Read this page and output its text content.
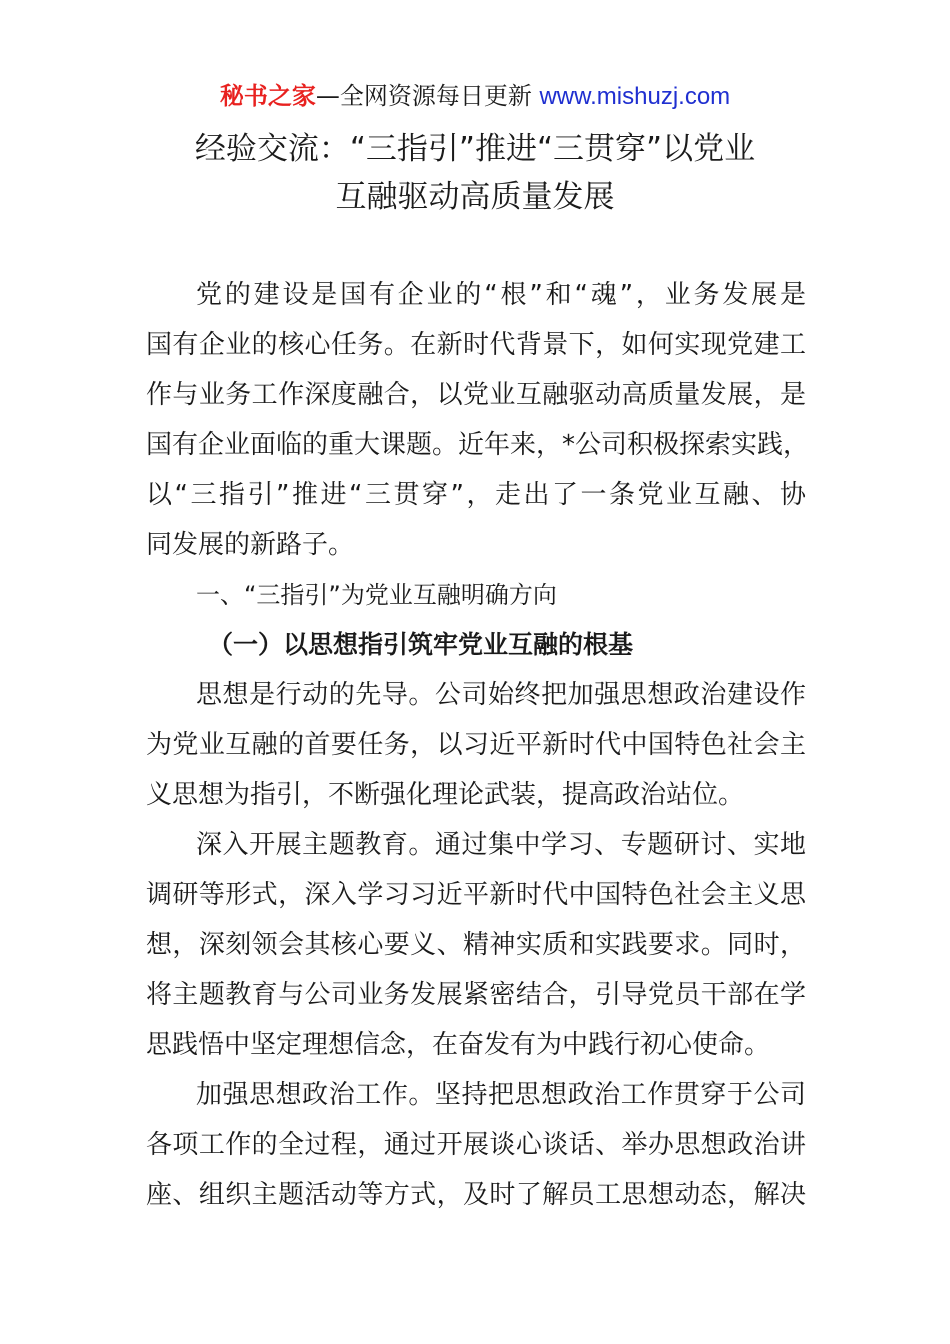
秘书之家—全网资源每日更新 www.mishuzj.com
经验交流：“三指引”推进“三贯穿”以党业
互融驱动高质量发展
党的建设是国有企业的“根”和“魂”，业务发展是
国有企业的核心任务。在新时代背景下，如何实现党建工
作与业务工作深度融合，以党业互融驱动高质量发展，是
国有企业面临的重大课题。近年来，*公司积极探索实践，
以“三指引”推进“三贯穿”，走出了一条党业互融、协
同发展的新路子。
一、“三指引”为党业互融明确方向
（一）以思想指引筑牢党业互融的根基
思想是行动的先导。公司始终把加强思想政治建设作
为党业互融的首要任务，以习近平新时代中国特色社会主
义思想为指引，不断强化理论武装，提高政治站位。
深入开展主题教育。通过集中学习、专题研讨、实地
调研等形式，深入学习习近平新时代中国特色社会主义思
想，深刻领会其核心要义、精神实质和实践要求。同时，
将主题教育与公司业务发展紧密结合，引导党员干部在学
思践悟中坚定理想信念，在奋发有为中践行初心使命。
加强思想政治工作。坚持把思想政治工作贯穿于公司
各项工作的全过程，通过开展谈心谈话、举办思想政治讲
座、组织主题活动等方式，及时了解员工思想动态，解决
